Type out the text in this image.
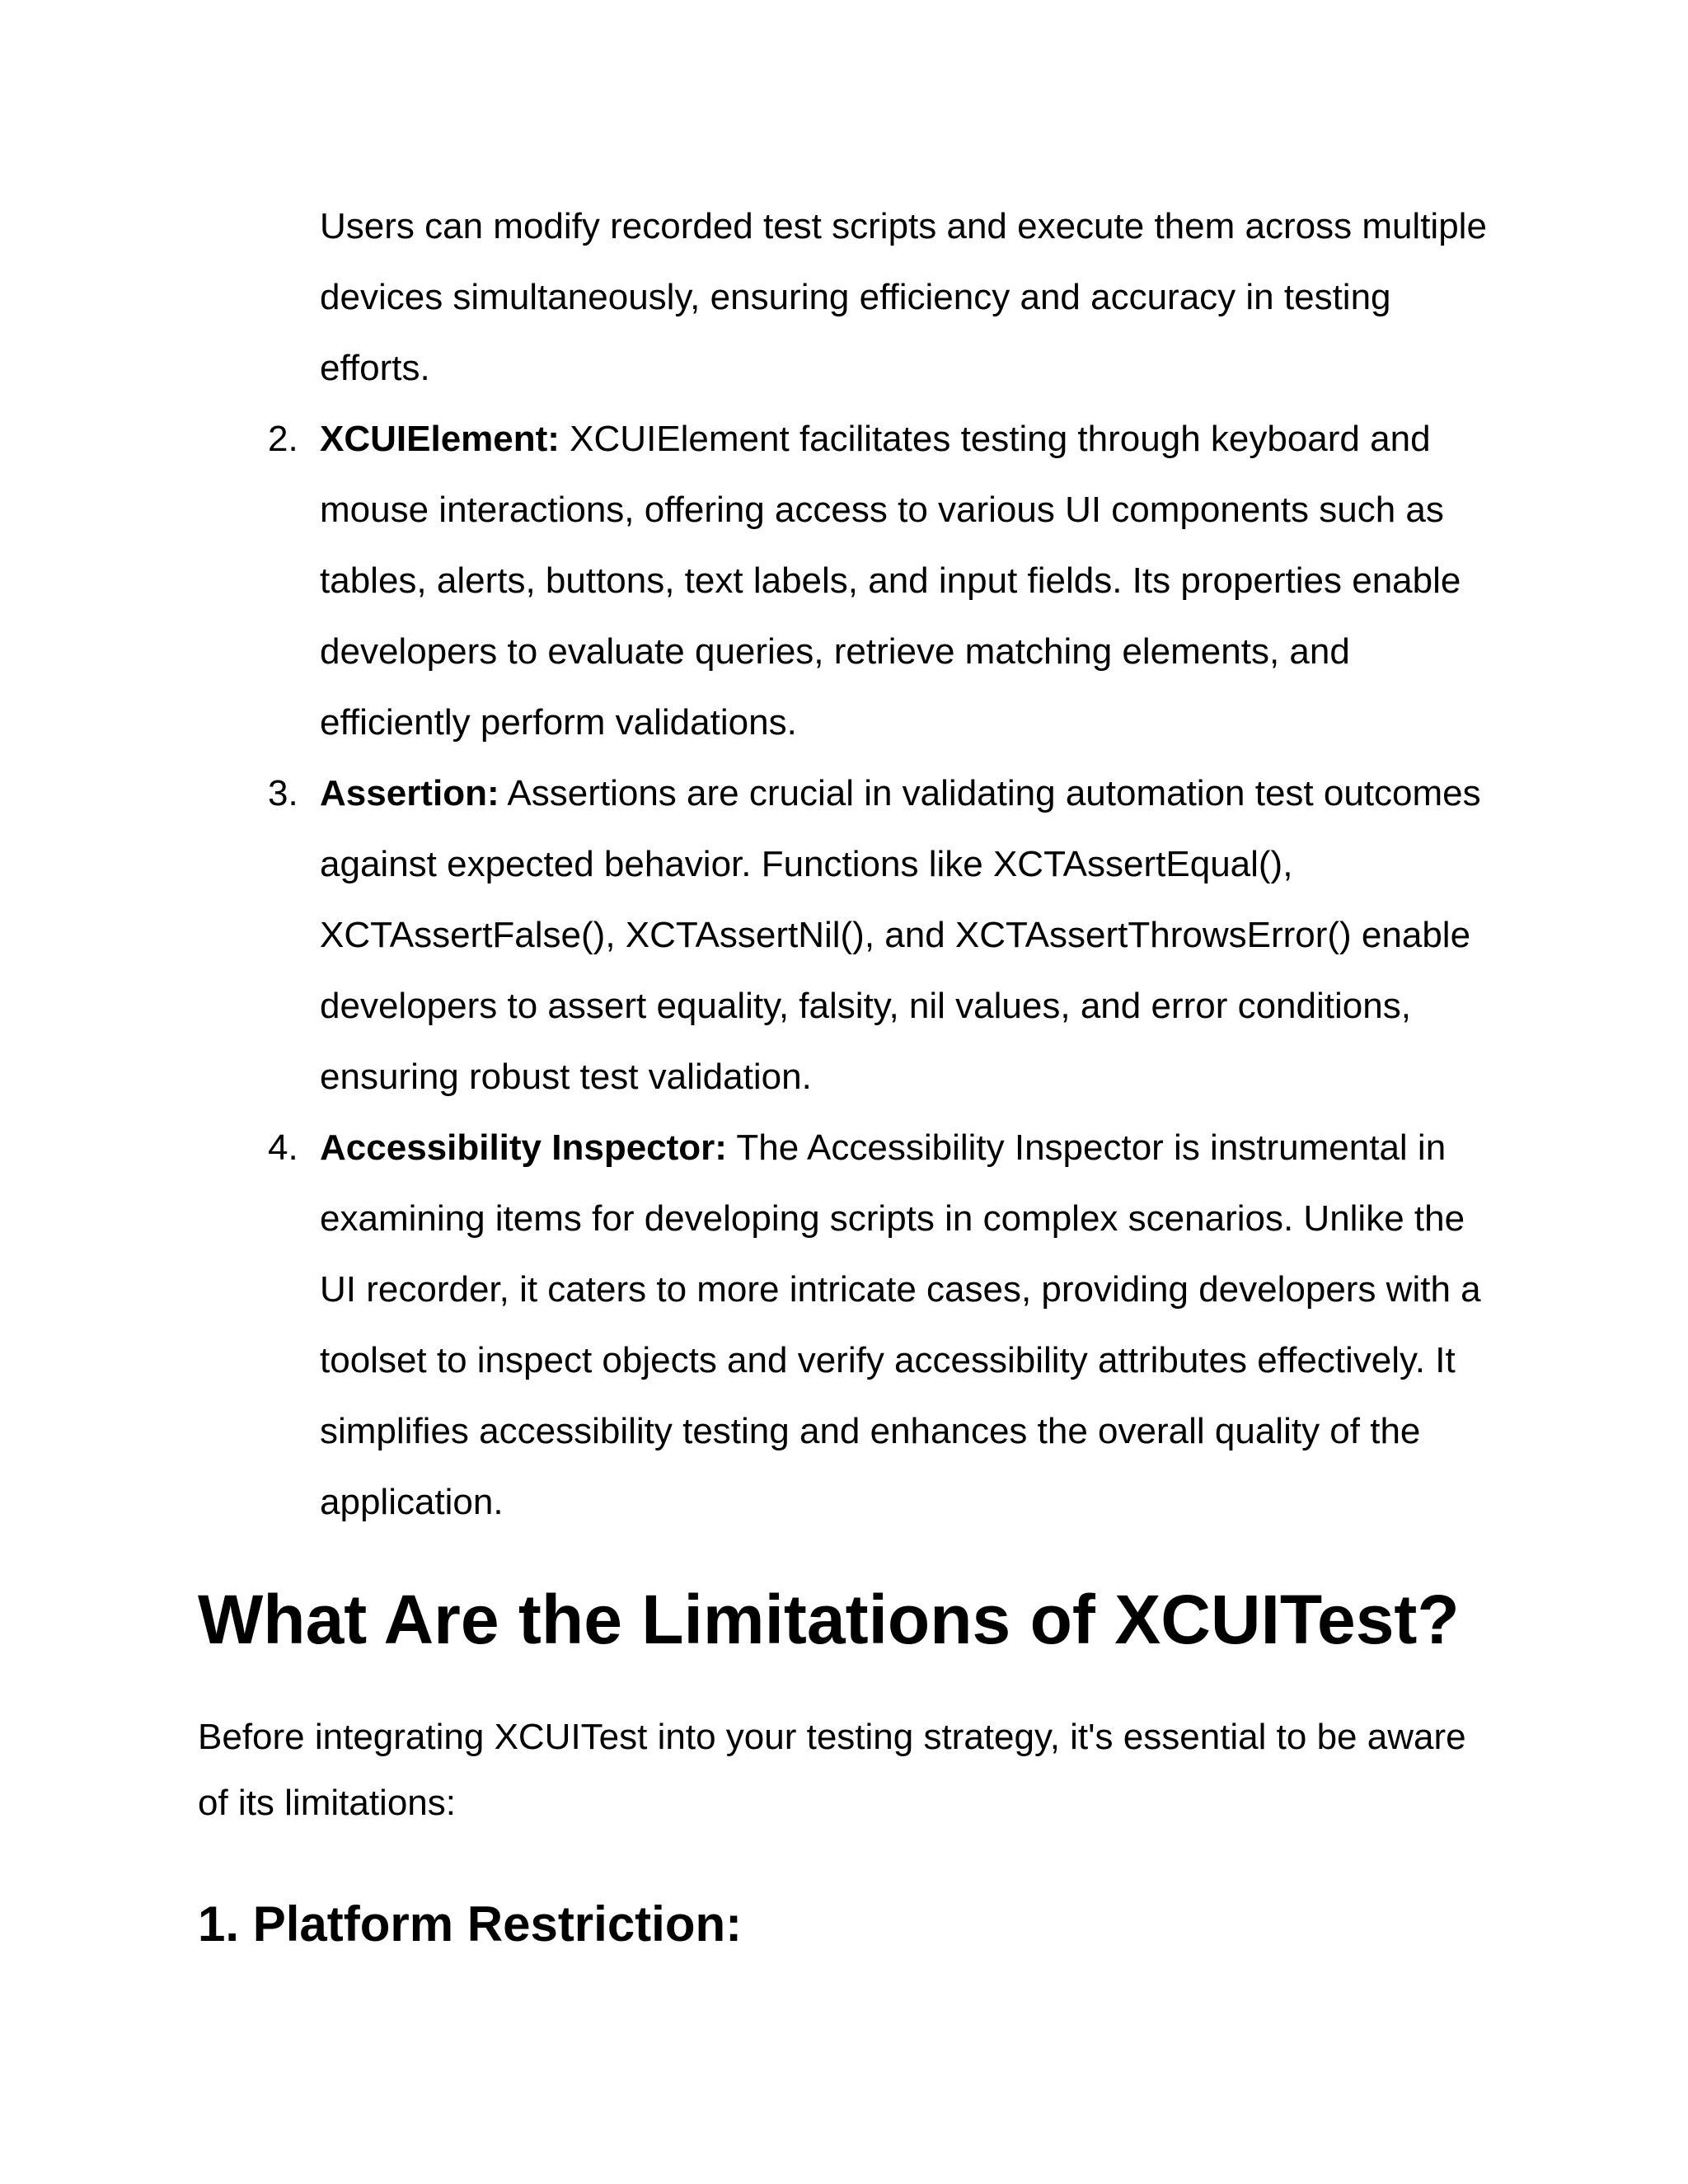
Users can modify recorded test scripts and execute them across multiple devices simultaneously, ensuring efficiency and accuracy in testing efforts.

2. XCUIElement: XCUIElement facilitates testing through keyboard and mouse interactions, offering access to various UI components such as tables, alerts, buttons, text labels, and input fields. Its properties enable developers to evaluate queries, retrieve matching elements, and efficiently perform validations.
3. Assertion: Assertions are crucial in validating automation test outcomes against expected behavior. Functions like XCTAssertEqual(), XCTAssertFalse(), XCTAssertNil(), and XCTAssertThrowsError() enable developers to assert equality, falsity, nil values, and error conditions, ensuring robust test validation.
4. Accessibility Inspector: The Accessibility Inspector is instrumental in examining items for developing scripts in complex scenarios. Unlike the UI recorder, it caters to more intricate cases, providing developers with a toolset to inspect objects and verify accessibility attributes effectively. It simplifies accessibility testing and enhances the overall quality of the application.
What Are the Limitations of XCUITest?

Before integrating XCUITest into your testing strategy, it's essential to be aware of its limitations:

1. Platform Restriction:
